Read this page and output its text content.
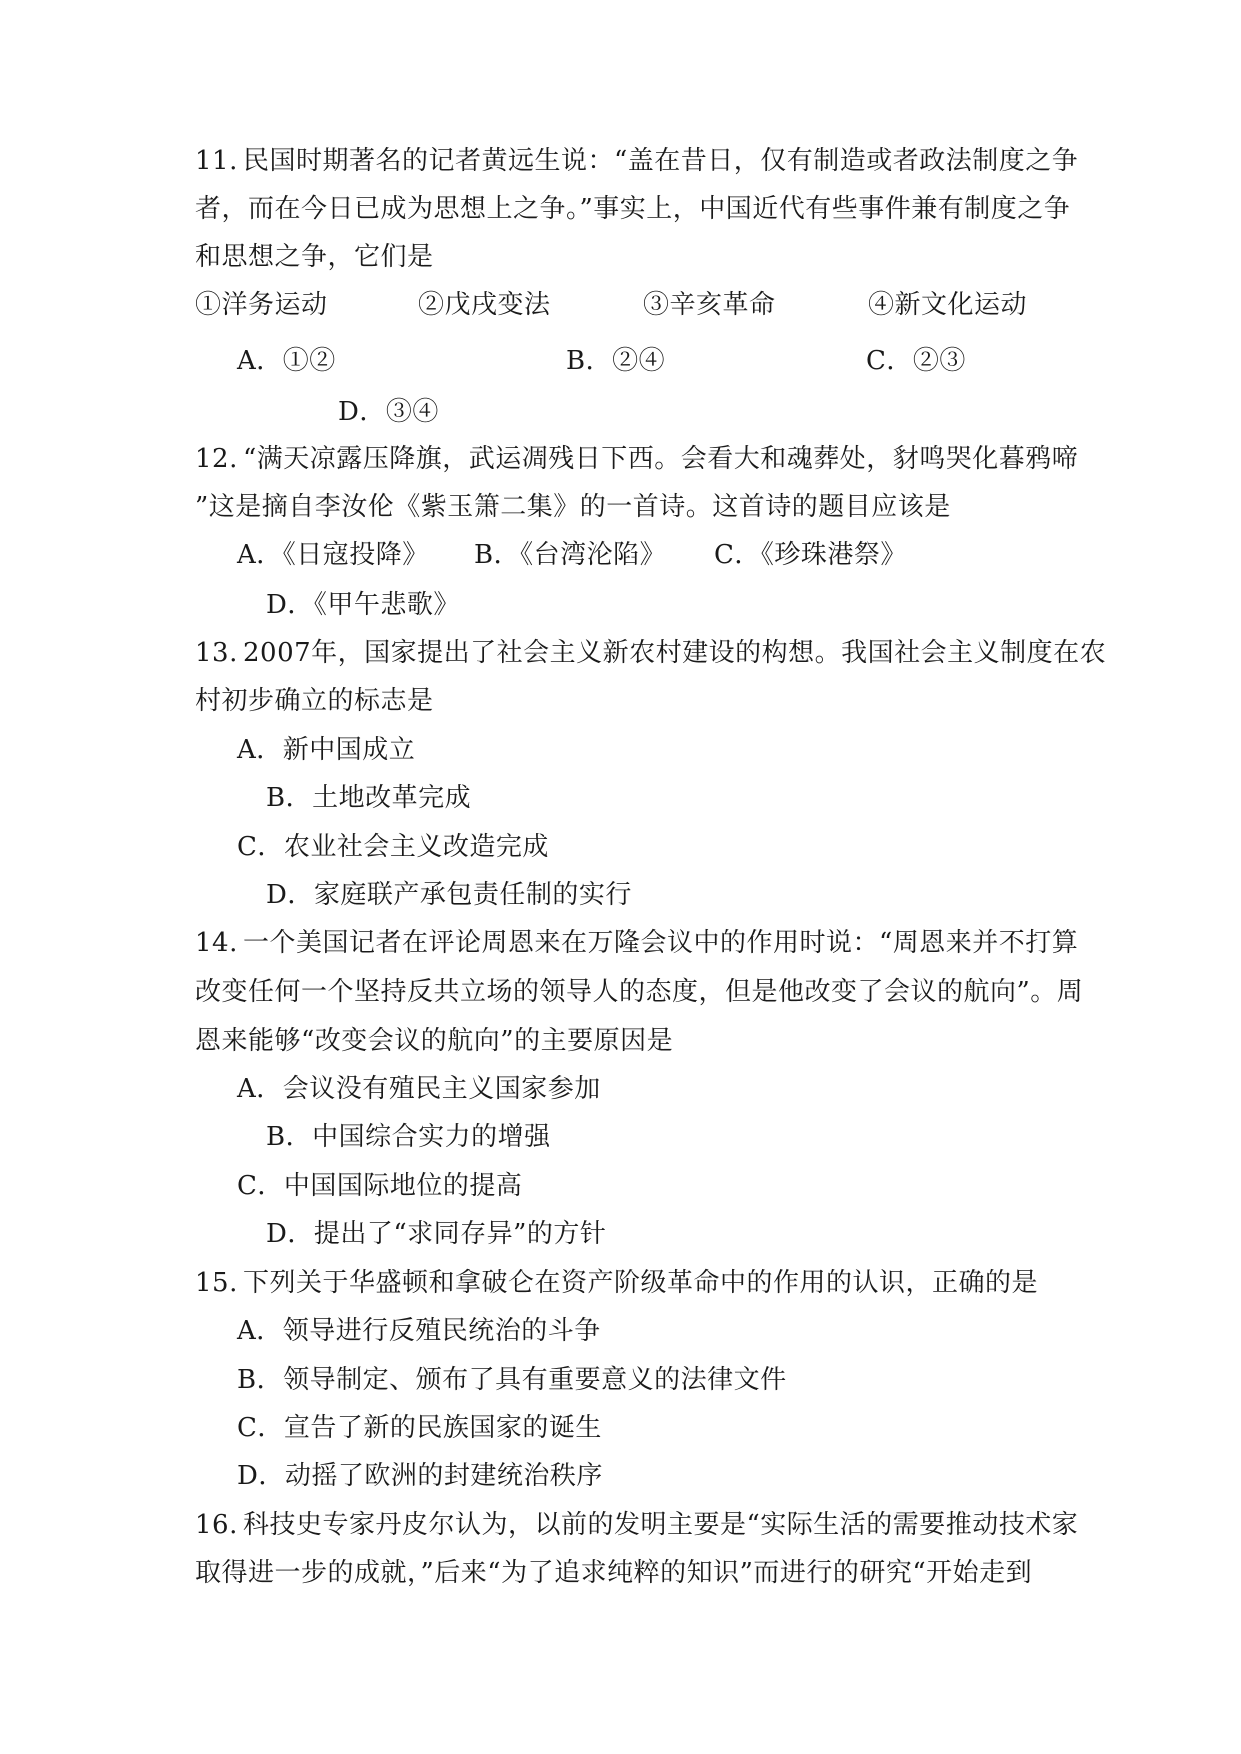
11. 民国时期著名的记者黄远生说：“盖在昔日，仅有制造或者政法制度之争
者，而在今日已成为思想上之争。”事实上，中国近代有些事件兼有制度之争
和思想之争，它们是
①洋务运动	②戊戌变法	③辛亥革命	④新文化运动
A．①②	B．②④	C．②③
D．③④
12. “满天凉露压降旗，武运凋残日下西。会看大和魂葬处，豺鸣哭化暮鸦啼
”这是摘自李汝伦《紫玉箫二集》的一首诗。这首诗的题目应该是
A．《日寇投降》 B．《台湾沦陷》 C．《珍珠港祭》
D．《甲午悲歌》
13. 2007年，国家提出了社会主义新农村建设的构想。我国社会主义制度在农
村初步确立的标志是
A．新中国成立
B．土地改革完成
C．农业社会主义改造完成
D．家庭联产承包责任制的实行
14. 一个美国记者在评论周恩来在万隆会议中的作用时说：“周恩来并不打算
改变任何一个坚持反共立场的领导人的态度，但是他改变了会议的航向”。周
恩来能够“改变会议的航向”的主要原因是
A．会议没有殖民主义国家参加
B．中国综合实力的增强
C．中国国际地位的提高
D．提出了“求同存异”的方针
15. 下列关于华盛顿和拿破仑在资产阶级革命中的作用的认识，正确的是
A．领导进行反殖民统治的斗争
B．领导制定、颁布了具有重要意义的法律文件
C．宣告了新的民族国家的诞生
D．动摇了欧洲的封建统治秩序
16. 科技史专家丹皮尔认为，以前的发明主要是“实际生活的需要推动技术家
取得进一步的成就，”后来“为了追求纯粹的知识”而进行的研究“开始走到
